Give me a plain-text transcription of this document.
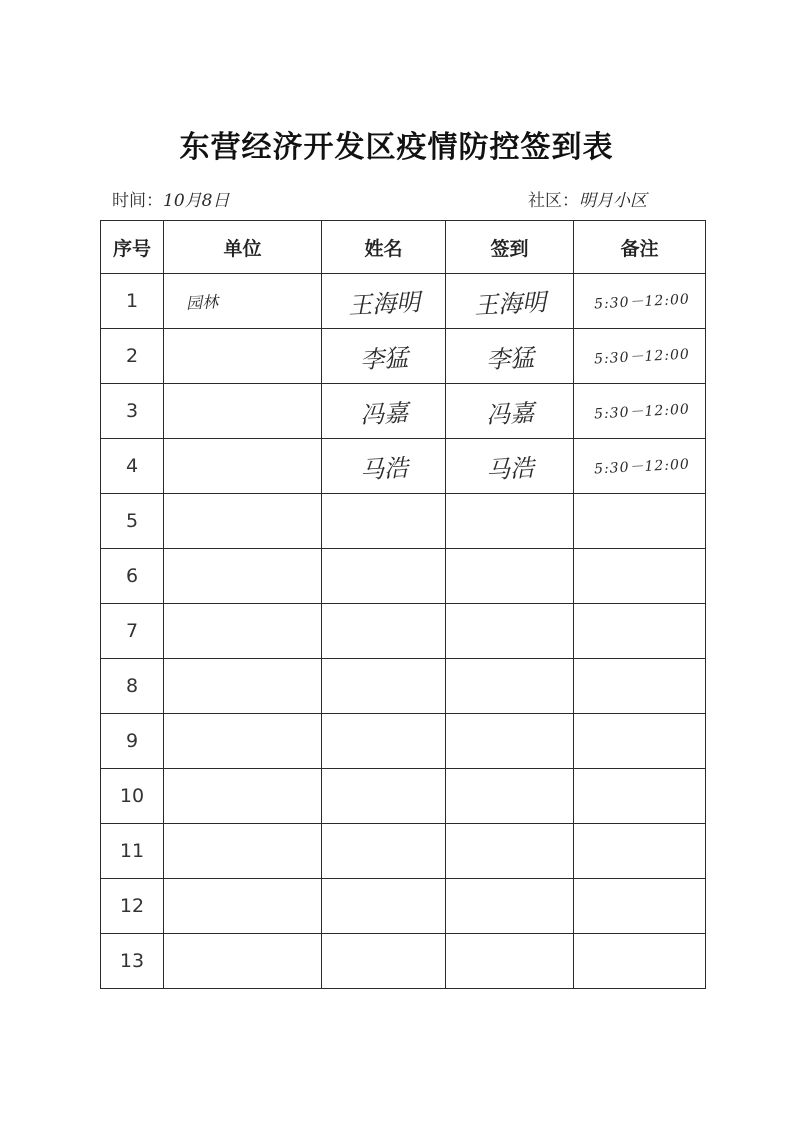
东营经济开发区疫情防控签到表
时间：10月8日	社区：明月小区
序号	单位	姓名	签到	备注
1	园林	王海明	王海明	5:30－12:00
2		李猛	李猛	5:30－12:00
3		冯嘉	冯嘉	5:30－12:00
4		马浩	马浩	5:30－12:00
5				
6				
7				
8				
9				
10				
11				
12				
13				
